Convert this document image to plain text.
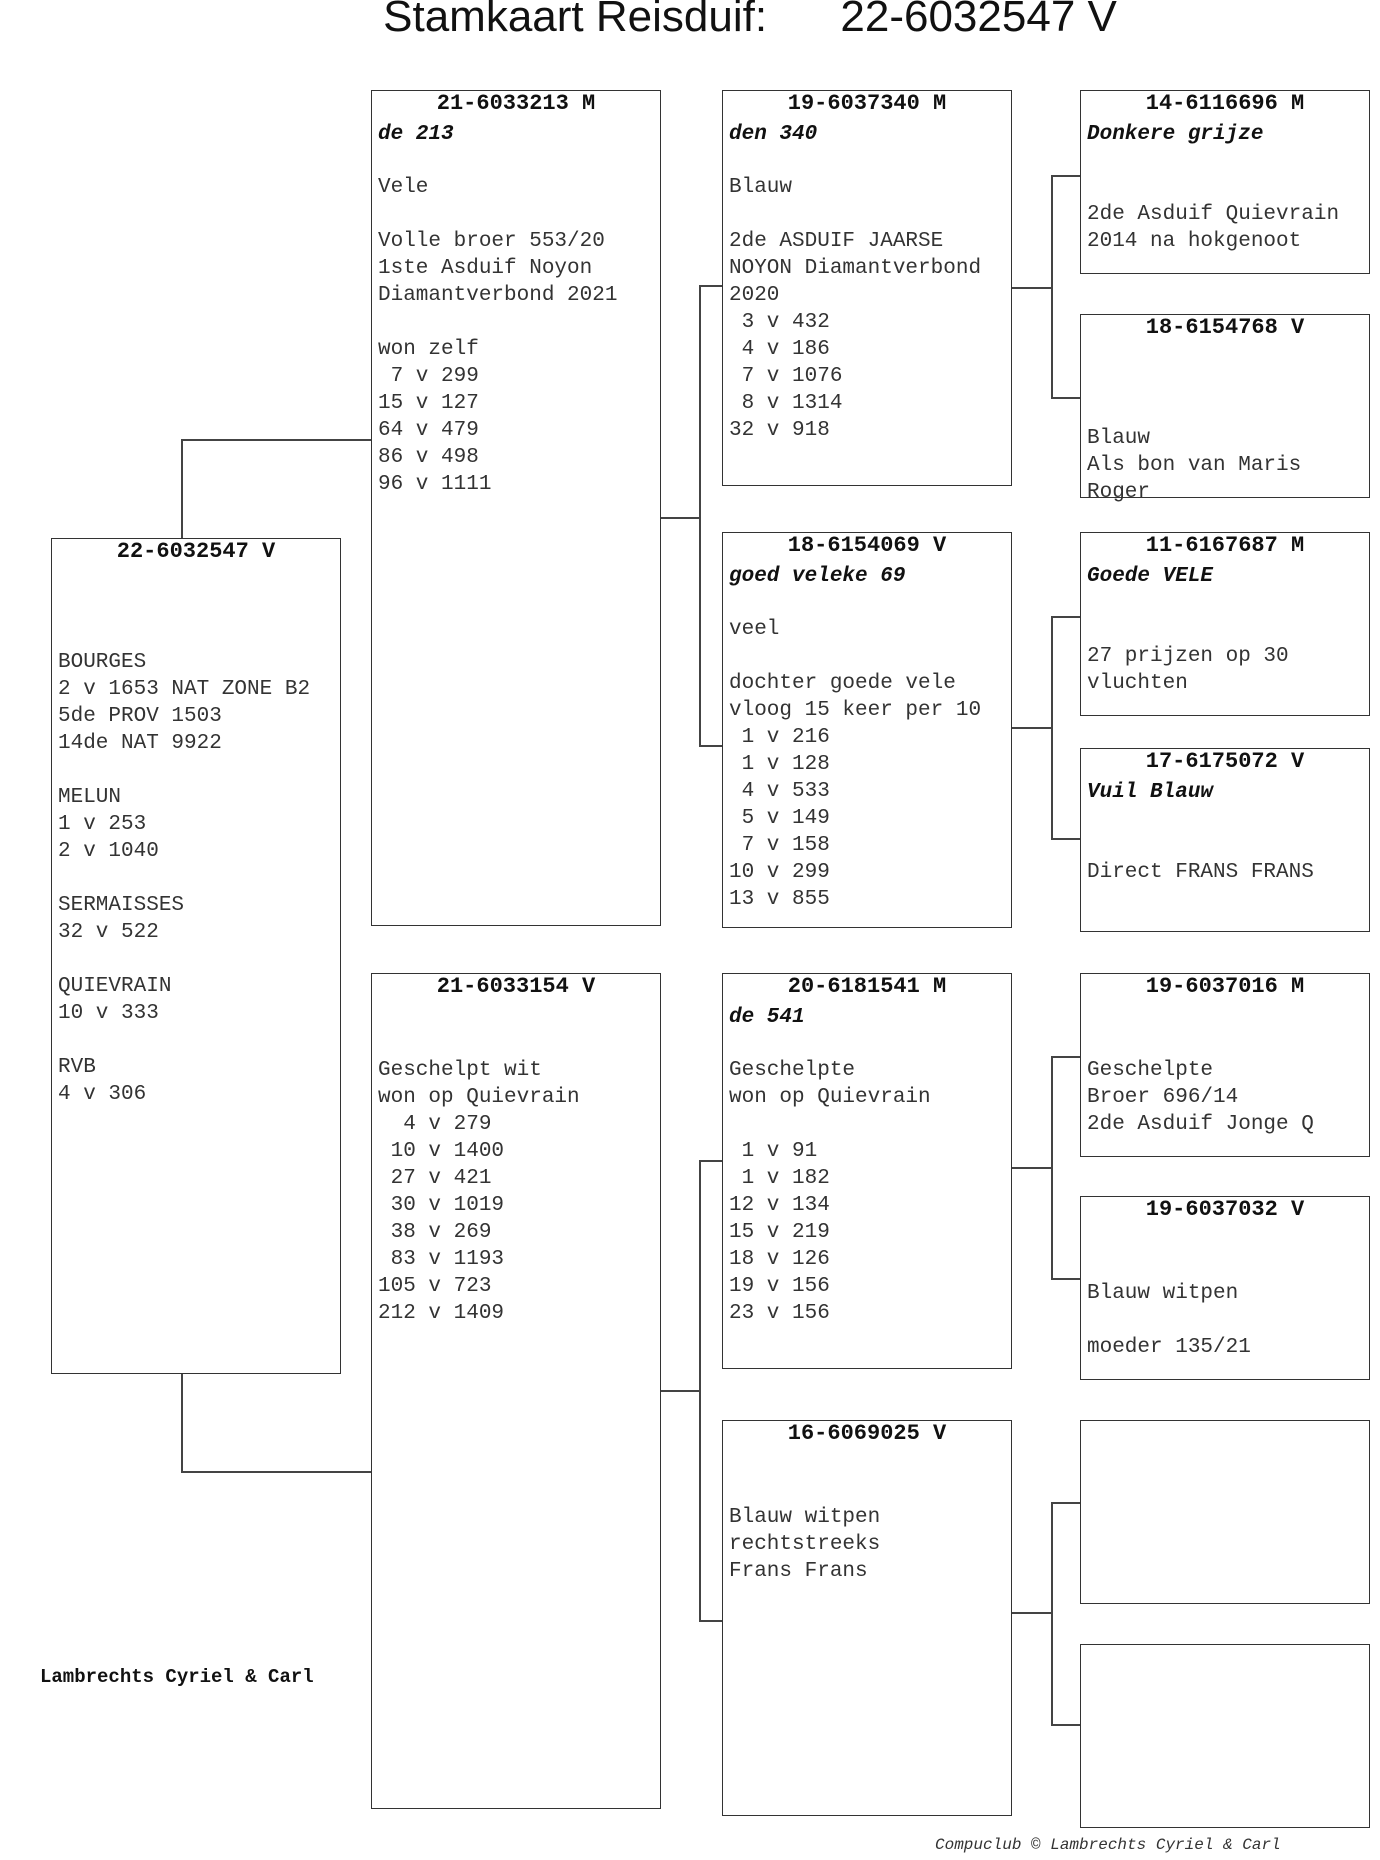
Stamkaart Reisduif:      22-6032547 V
22-6032547 V
BOURGES
2 v 1653 NAT ZONE B2
5de PROV 1503
14de NAT 9922

MELUN
1 v 253
2 v 1040

SERMAISSES
32 v 522

QUIEVRAIN
10 v 333

RVB
4 v 306
21-6033213 M
de 213
Vele

Volle broer 553/20
1ste Asduif Noyon
Diamantverbond 2021

won zelf
7 v 299
15 v 127
64 v 479
86 v 498
96 v 1111
21-6033154 V
Geschelpt wit
won op Quievrain
4 v 279
10 v 1400
27 v 421
30 v 1019
38 v 269
83 v 1193
105 v 723
212 v 1409
19-6037340 M
den 340
Blauw

2de ASDUIF JAARSE
NOYON Diamantverbond
2020
3 v 432
4 v 186
7 v 1076
8 v 1314
32 v 918
18-6154069 V
goed veleke 69
veel

dochter goede vele
vloog 15 keer per 10
1 v 216
1 v 128
4 v 533
5 v 149
7 v 158
10 v 299
13 v 855
20-6181541 M
de 541
Geschelpte
won op Quievrain

1 v 91
1 v 182
12 v 134
15 v 219
18 v 126
19 v 156
23 v 156
16-6069025 V
Blauw witpen
rechtstreeks
Frans Frans
14-6116696 M
Donkere grijze
2de Asduif Quievrain
2014 na hokgenoot
18-6154768 V
Blauw
Als bon van Maris
Roger
11-6167687 M
Goede VELE
27 prijzen op 30
vluchten
17-6175072 V
Vuil Blauw
Direct FRANS FRANS
19-6037016 M
Geschelpte
Broer 696/14
2de Asduif Jonge Q
19-6037032 V
Blauw witpen

moeder 135/21
Lambrechts Cyriel & Carl
Compuclub © Lambrechts Cyriel & Carl
